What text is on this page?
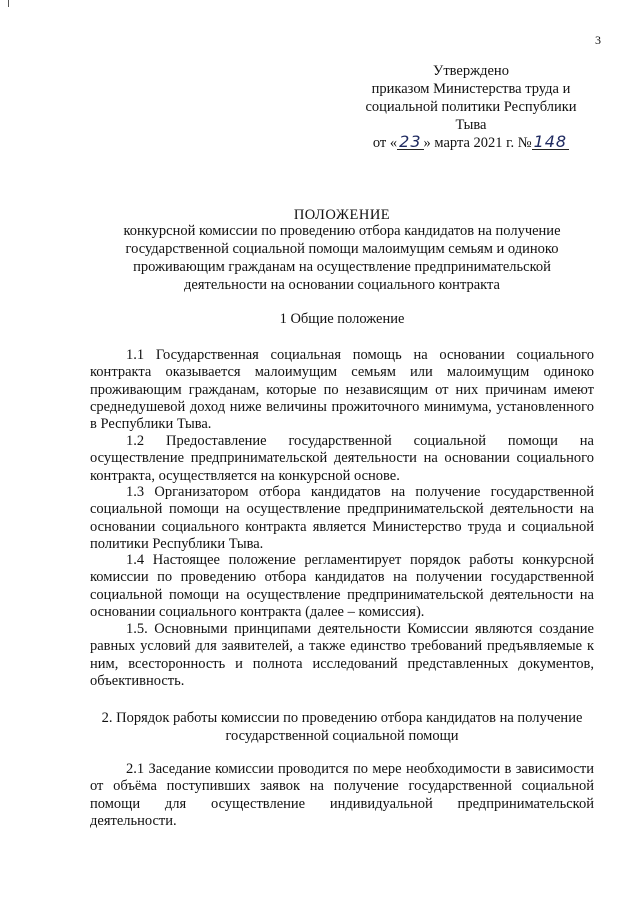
3
Утверждено
приказом Министерства труда и
социальной политики Республики
Тыва
от « 23 » марта 2021 г. № 148
ПОЛОЖЕНИЕ
конкурсной комиссии по проведению отбора кандидатов на получение государственной социальной помощи малоимущим семьям и одиноко проживающим гражданам на осуществление предпринимательской деятельности на основании социального контракта
1 Общие положение
1.1 Государственная социальная помощь на основании социального контракта оказывается малоимущим семьям или малоимущим одиноко проживающим гражданам, которые по независящим от них причинам имеют среднедушевой доход ниже величины прожиточного минимума, установленного в Республики Тыва.
1.2 Предоставление государственной социальной помощи на осуществление предпринимательской деятельности на основании социального контракта, осуществляется на конкурсной основе.
1.3 Организатором отбора кандидатов на получение государственной социальной помощи на осуществление предпринимательской деятельности на основании социального контракта является Министерство труда и социальной политики Республики Тыва.
1.4 Настоящее положение регламентирует порядок работы конкурсной комиссии по проведению отбора кандидатов на получении государственной социальной помощи на осуществление предпринимательской деятельности на основании социального контракта (далее – комиссия).
1.5. Основными принципами деятельности Комиссии являются создание равных условий для заявителей, а также единство требований предъявляемые к ним, всесторонность и полнота исследований представленных документов, объективность.
2. Порядок работы комиссии по проведению отбора кандидатов на получение государственной социальной помощи
2.1 Заседание комиссии проводится по мере необходимости в зависимости от объёма поступивших заявок на получение государственной социальной помощи для осуществление индивидуальной предпринимательской деятельности.
